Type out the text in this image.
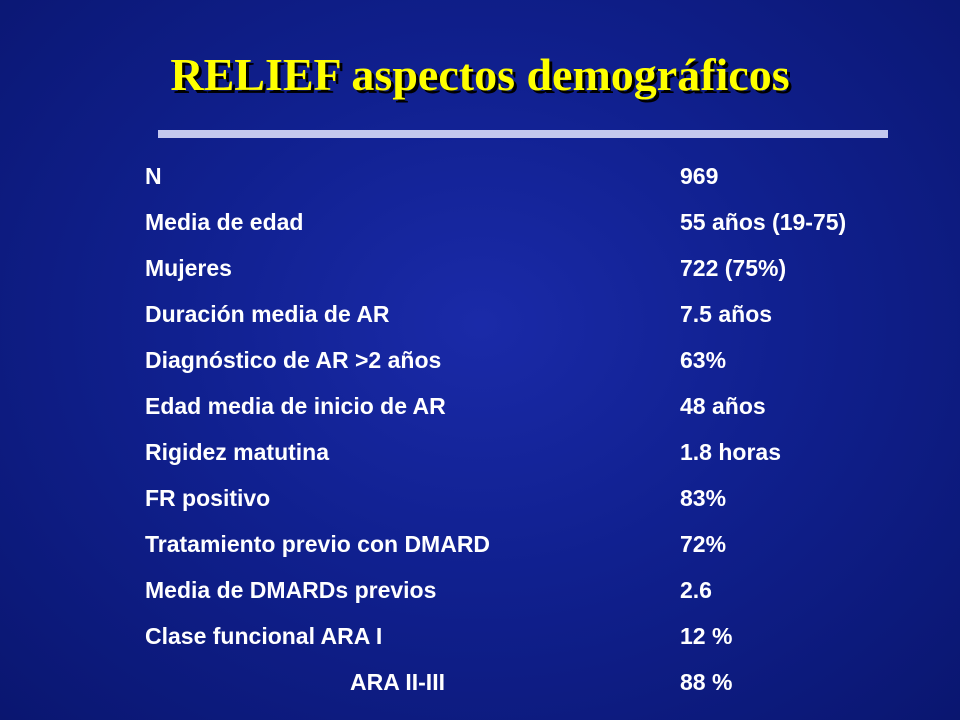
RELIEF aspectos demográficos
N	969
Media de edad	55 años (19-75)
Mujeres	722 (75%)
Duración media de AR	7.5 años
Diagnóstico de AR >2 años	63%
Edad media de inicio de AR	48 años
Rigidez matutina	1.8 horas
FR positivo	83%
Tratamiento previo con DMARD	72%
Media de DMARDs previos	2.6
Clase funcional ARA I	12 %
ARA II-III	88 %
